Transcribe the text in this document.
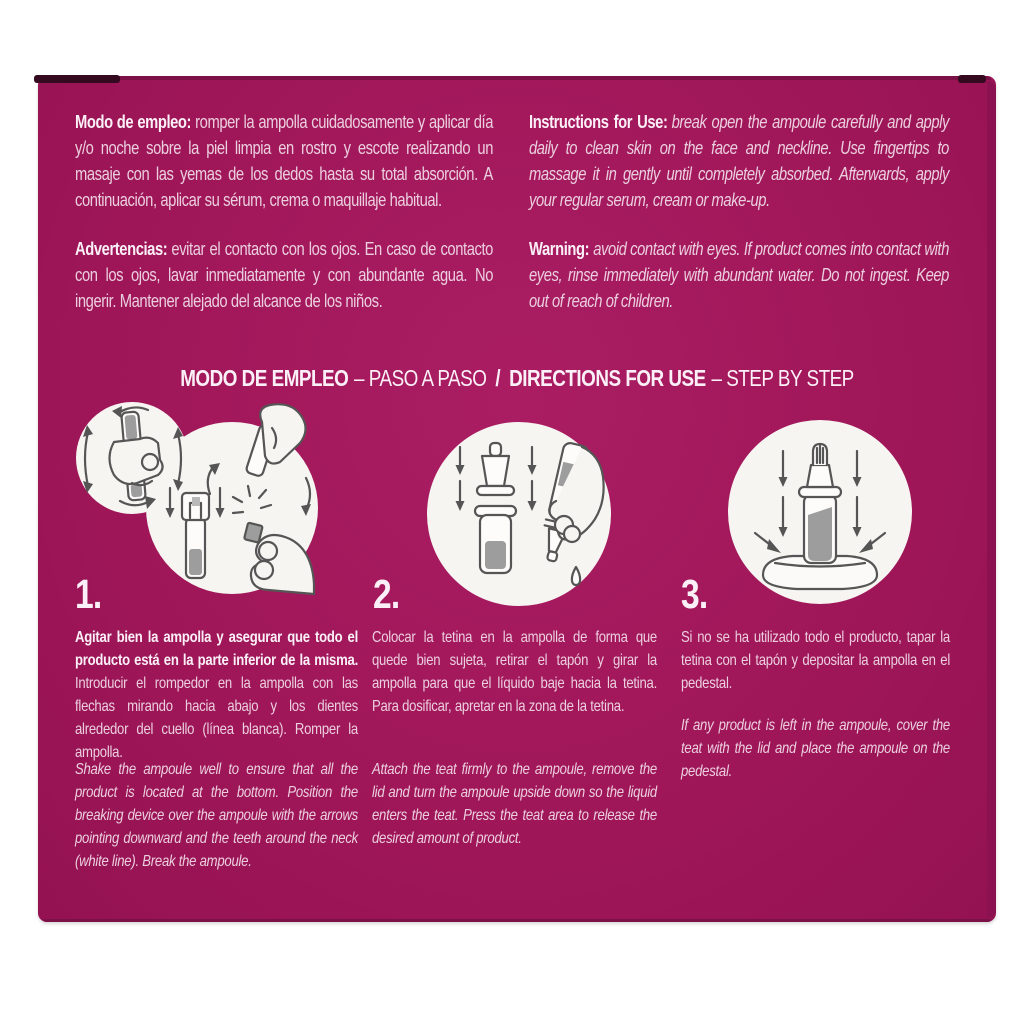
Modo de empleo: romper la ampolla cuidadosamente y aplicar día y/o noche sobre la piel limpia en rostro y escote realizando un masaje con las yemas de los dedos hasta su total absorción. A continuación, aplicar su sérum, crema o maquillaje habitual.

Instructions for Use: break open the ampoule carefully and apply daily to clean skin on the face and neckline. Use fingertips to massage it in gently until completely absorbed. Afterwards, apply your regular serum, cream or make-up.

Advertencias: evitar el contacto con los ojos. En caso de contacto con los ojos, lavar inmediatamente y con abundante agua. No ingerir. Mantener alejado del alcance de los niños.

Warning: avoid contact with eyes. If product comes into contact with eyes, rinse immediately with abundant water. Do not ingest. Keep out of reach of children.

MODO DE EMPLEO – PASO A PASO / DIRECTIONS FOR USE – STEP BY STEP
1.	2.	3.

Agitar bien la ampolla y asegurar que todo el producto está en la parte inferior de la misma. Introducir el rompedor en la ampolla con las flechas mirando hacia abajo y los dientes alrededor del cuello (línea blanca). Romper la ampolla.

Shake the ampoule well to ensure that all the product is located at the bottom. Position the breaking device over the ampoule with the arrows pointing downward and the teeth around the neck (white line). Break the ampoule.

Colocar la tetina en la ampolla de forma que quede bien sujeta, retirar el tapón y girar la ampolla para que el líquido baje hacia la tetina. Para dosificar, apretar en la zona de la tetina.

Attach the teat firmly to the ampoule, remove the lid and turn the ampoule upside down so the liquid enters the teat. Press the teat area to release the desired amount of product.

Si no se ha utilizado todo el producto, tapar la tetina con el tapón y depositar la ampolla en el pedestal.

If any product is left in the ampoule, cover the teat with the lid and place the ampoule on the pedestal.
